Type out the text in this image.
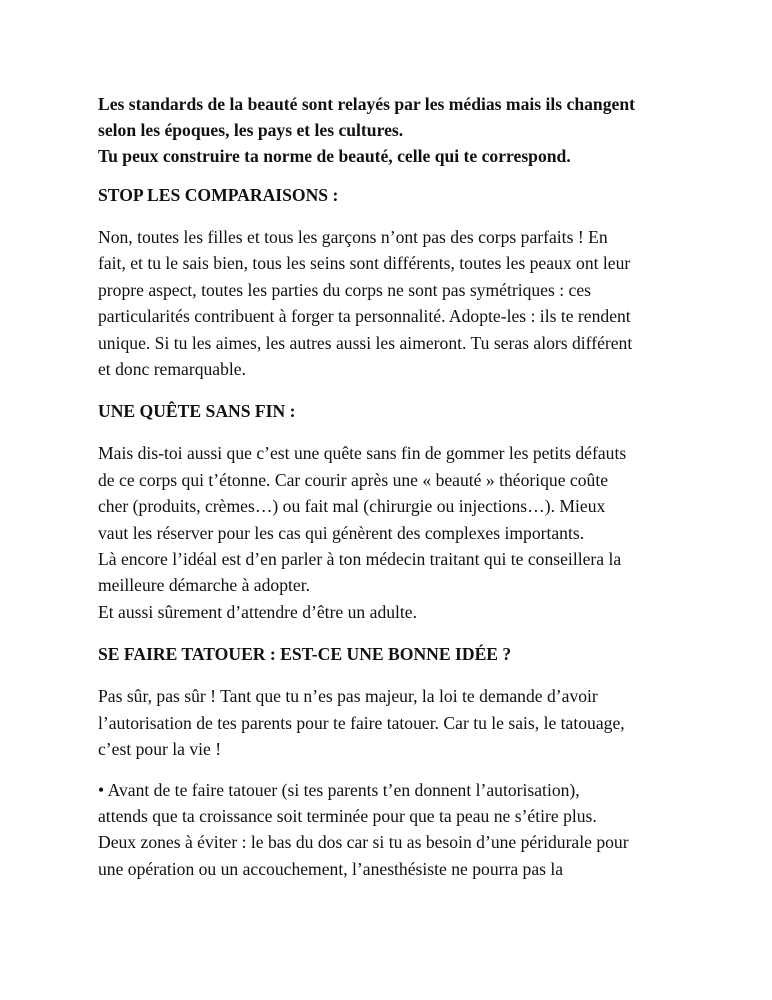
Les standards de la beauté sont relayés par les médias mais ils changent
selon les époques, les pays et les cultures.
Tu peux construire ta norme de beauté, celle qui te correspond.
STOP LES COMPARAISONS :
Non, toutes les filles et tous les garçons n’ont pas des corps parfaits ! En
fait, et tu le sais bien, tous les seins sont différents, toutes les peaux ont leur
propre aspect, toutes les parties du corps ne sont pas symétriques : ces
particularités contribuent à forger ta personnalité. Adopte-les : ils te rendent
unique. Si tu les aimes, les autres aussi les aimeront. Tu seras alors différent
et donc remarquable.
UNE QUÊTE SANS FIN :
Mais dis-toi aussi que c’est une quête sans fin de gommer les petits défauts
de ce corps qui t’étonne. Car courir après une « beauté » théorique coûte
cher (produits, crèmes…) ou fait mal (chirurgie ou injections…). Mieux
vaut les réserver pour les cas qui génèrent des complexes importants.
Là encore l’idéal est d’en parler à ton médecin traitant qui te conseillera la
meilleure démarche à adopter.
Et aussi sûrement d’attendre d’être un adulte.
SE FAIRE TATOUER : EST-CE UNE BONNE IDÉE ?
Pas sûr, pas sûr ! Tant que tu n’es pas majeur, la loi te demande d’avoir
l’autorisation de tes parents pour te faire tatouer. Car tu le sais, le tatouage,
c’est pour la vie !
• Avant de te faire tatouer (si tes parents t’en donnent l’autorisation),
attends que ta croissance soit terminée pour que ta peau ne s’étire plus.
Deux zones à éviter : le bas du dos car si tu as besoin d’une péridurale pour
une opération ou un accouchement, l’anesthésiste ne pourra pas la
